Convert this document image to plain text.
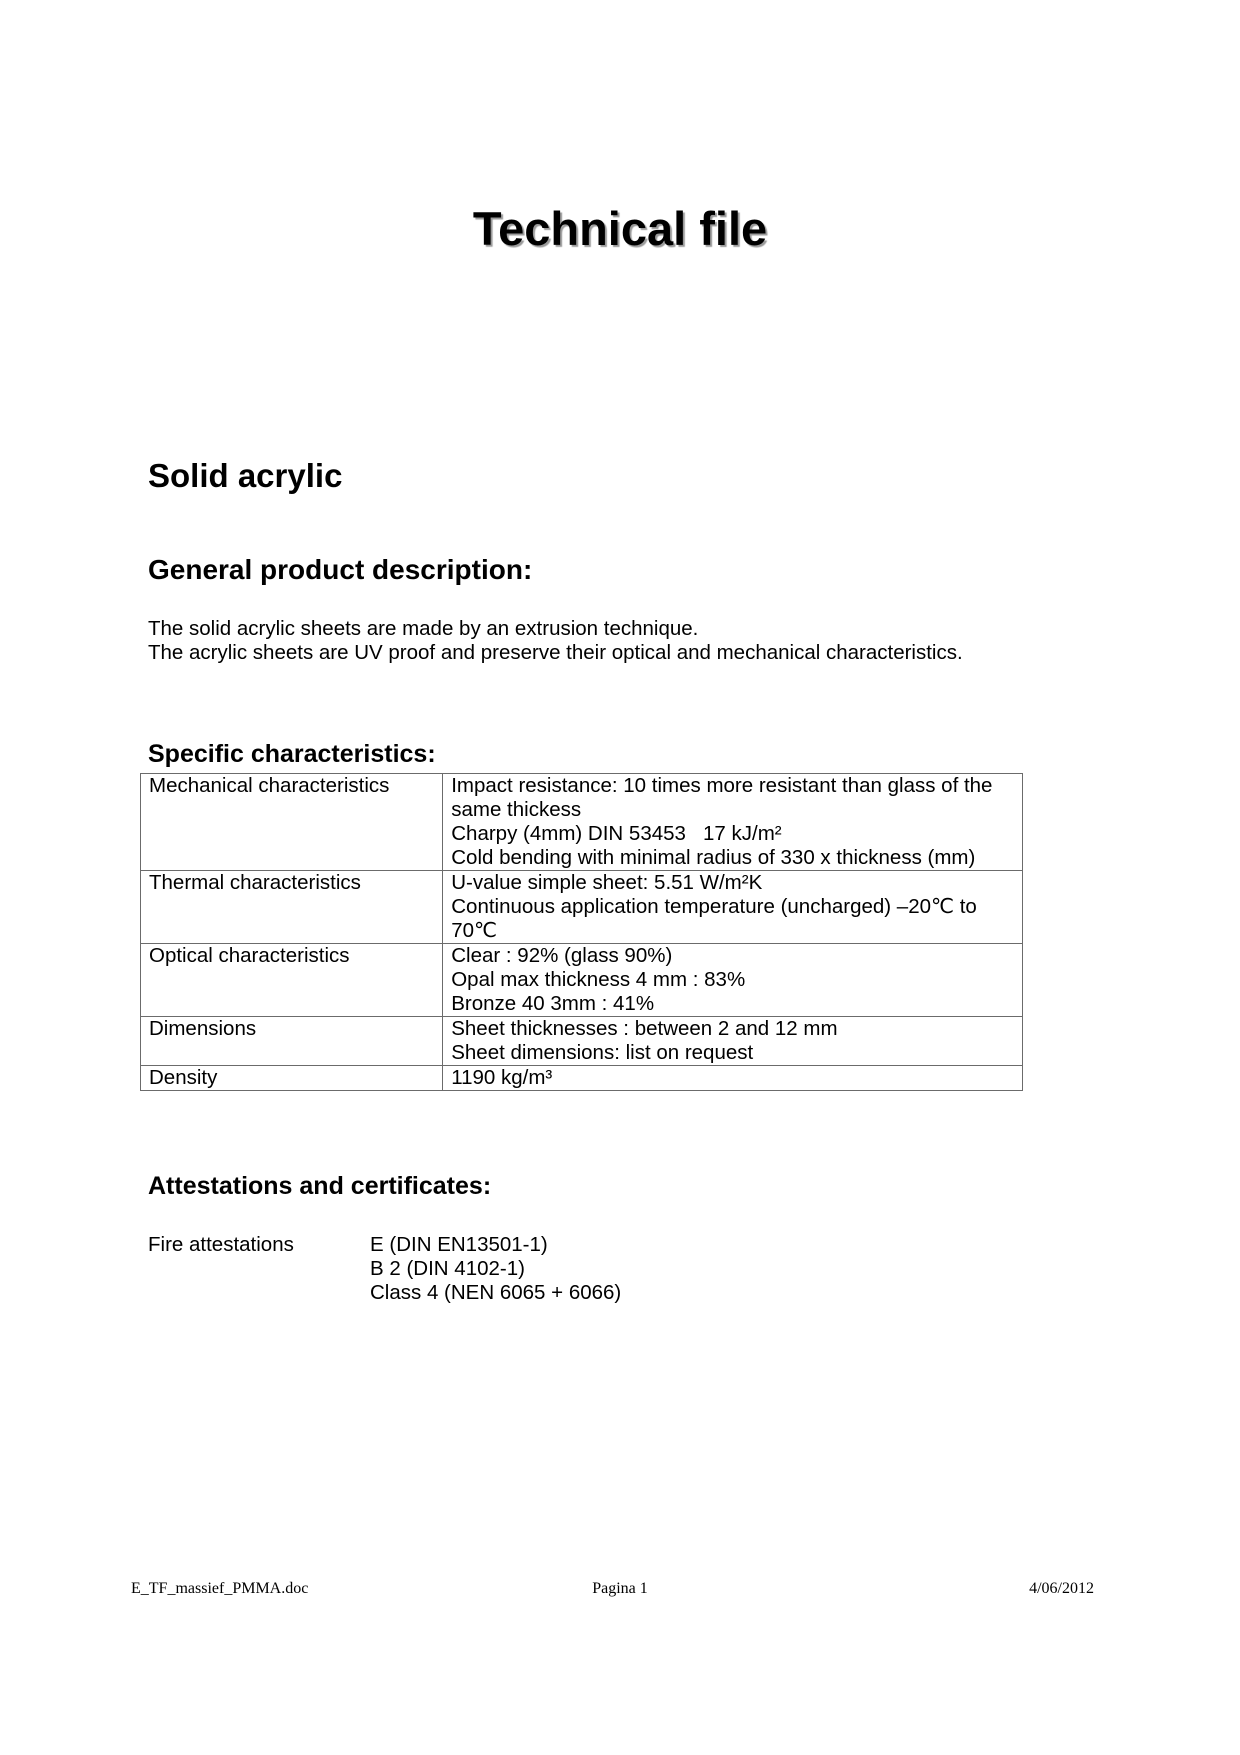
Technical file
Solid acrylic
General product description:

The solid acrylic sheets are made by an extrusion technique.

The acrylic sheets are UV proof and preserve their optical and mechanical characteristics.

Specific characteristics:
Mechanical characteristics	Impact resistance: 10 times more resistant than glass of the same thickess
Charpy (4mm) DIN 53453   17 kJ/m²
Cold bending with minimal radius of 330 x thickness (mm)

Thermal characteristics	U-value simple sheet: 5.51 W/m²K
Continuous application temperature (uncharged) –20℃ to 70℃

Optical characteristics	Clear : 92% (glass 90%)
Opal max thickness 4 mm : 83%
Bronze 40 3mm : 41%

Dimensions	Sheet thicknesses : between 2 and 12 mm
Sheet dimensions: list on request

Density	1190 kg/m³
Attestations and certificates:
Fire attestations	E (DIN EN13501-1)
B 2 (DIN 4102-1)
Class 4 (NEN 6065 + 6066)
E_TF_massief_PMMA.doc	Pagina 1	4/06/2012
